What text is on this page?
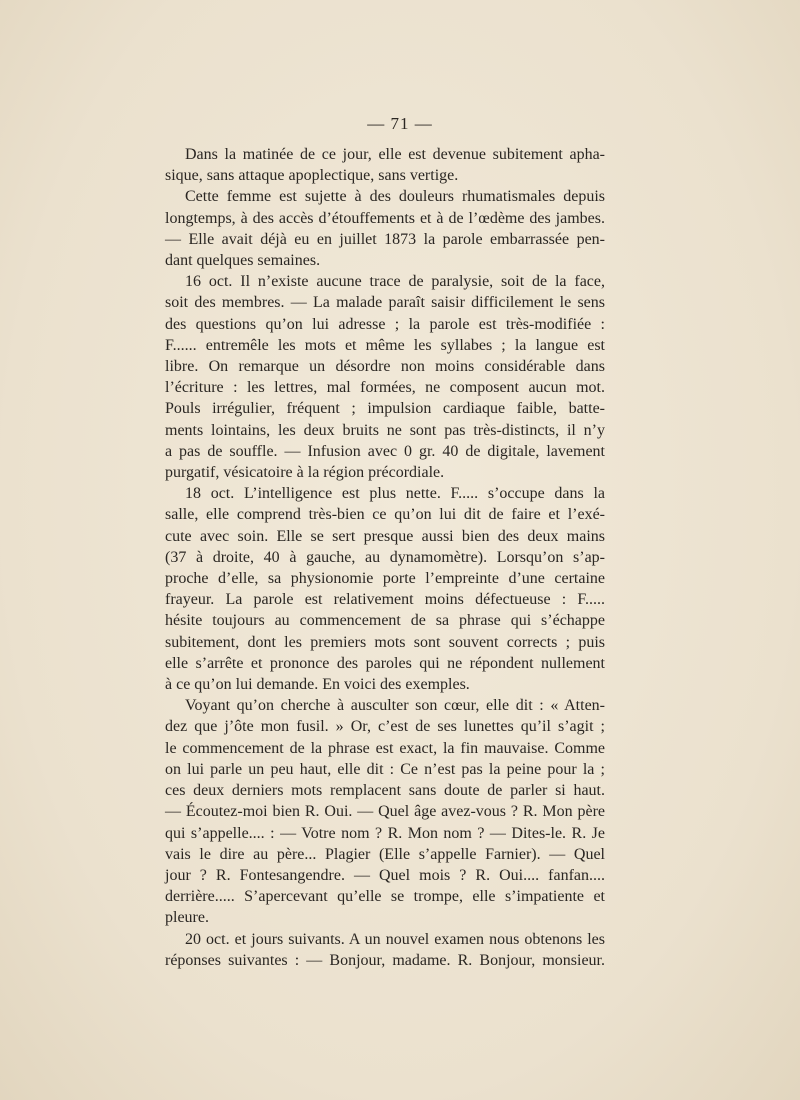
— 71 —

Dans la matinée de ce jour, elle est devenue subitement apha-

sique, sans attaque apoplectique, sans vertige.

Cette femme est sujette à des douleurs rhumatismales depuis

longtemps, à des accès d’étouffements et à de l’œdème des jambes.

— Elle avait déjà eu en juillet 1873 la parole embarrassée pen-

dant quelques semaines.

16 oct. Il n’existe aucune trace de paralysie, soit de la face,

soit des membres. — La malade paraît saisir difficilement le sens

des questions qu’on lui adresse ; la parole est très-modifiée :

F...... entremêle les mots et même les syllabes ; la langue est

libre. On remarque un désordre non moins considérable dans

l’écriture : les lettres, mal formées, ne composent aucun mot.

Pouls irrégulier, fréquent ; impulsion cardiaque faible, batte-

ments lointains, les deux bruits ne sont pas très-distincts, il n’y

a pas de souffle. — Infusion avec 0 gr. 40 de digitale, lavement

purgatif, vésicatoire à la région précordiale.

18 oct. L’intelligence est plus nette. F..... s’occupe dans la

salle, elle comprend très-bien ce qu’on lui dit de faire et l’exé-

cute avec soin. Elle se sert presque aussi bien des deux mains

(37 à droite, 40 à gauche, au dynamomètre). Lorsqu’on s’ap-

proche d’elle, sa physionomie porte l’empreinte d’une certaine

frayeur. La parole est relativement moins défectueuse : F.....

hésite toujours au commencement de sa phrase qui s’échappe

subitement, dont les premiers mots sont souvent corrects ; puis

elle s’arrête et prononce des paroles qui ne répondent nullement

à ce qu’on lui demande. En voici des exemples.

Voyant qu’on cherche à ausculter son cœur, elle dit : « Atten-

dez que j’ôte mon fusil. » Or, c’est de ses lunettes qu’il s’agit ;

le commencement de la phrase est exact, la fin mauvaise. Comme

on lui parle un peu haut, elle dit : Ce n’est pas la peine pour la ;

ces deux derniers mots remplacent sans doute de parler si haut.

— Écoutez-moi bien R. Oui. — Quel âge avez-vous ? R. Mon père

qui s’appelle.... : — Votre nom ? R. Mon nom ? — Dites-le. R. Je

vais le dire au père... Plagier (Elle s’appelle Farnier). — Quel

jour ? R. Fontesangendre. — Quel mois ? R. Oui.... fanfan....

derrière..... S’apercevant qu’elle se trompe, elle s’impatiente et

pleure.

20 oct. et jours suivants. A un nouvel examen nous obtenons les

réponses suivantes : — Bonjour, madame. R. Bonjour, monsieur.
